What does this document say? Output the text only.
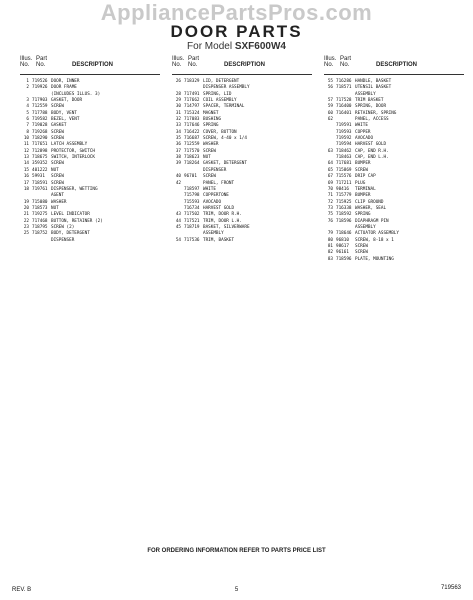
AppliancePartsPros.com
DOOR PARTS
For Model SXF600W4
Illus.
No. No.	DESCRIPTION
Part
1 719526 DOOR, INNER
2 719926 DOOR FRAME
(INCLUDES ILLUS. 3)
3 717903 GASKET, DOOR
4 712559 SCREW
5 717788 BODY, VENT
6 719582 BEZEL, VENT
7 719028 GASKET
8 719268 SCREW
10 718290 SCREW
11 717651 LATCH ASSEMBLY
12 712898 PROTECTOR, SWITCH
13 718675 SWITCH, INTERLOCK
14 359352 SCREW
15 401222 NUT
16 59931 SCREW
17 718591 SCREW
18 719761 DISPENSER, WETTING
AGENT
19 715080 WASHER
20 718573 NUT
21 719275 LEVEL INDICATOR
22 717468 BUTTON, RETAINER (2)
23 718795 SCREW (2)
25 718752 BODY, DETERGENT
DISPENSER
Illus.
No. No.	DESCRIPTION
Part
26 718329 LID, DETERGENT
DISPENSER ASSEMBLY
28 717491 SPRING, LID
29 717662 COIL ASSEMBLY
30 714797 SPACER, TERMINAL
31 715324 MAGNET
32 717083 BUSHING
33 717646 SPRING
34 716422 COVER, BUTTON
35 716687 SCREW, 4-40 x 1/4
36 712559 WASHER
37 717570 SCREW
38 718623 NUT
39 718264 GASKET, DETERGENT
DISPENSER
40 96701 SCREW
42	PANEL, FRONT
718597 WHITE
715798 COPPERTONE
715593 AVOCADO
716734 HARVEST GOLD
43 717502 TRIM, DOOR R.H.
44 717521 TRIM, DOOR L.H.
45 718719 BASKET, SILVERWARE
ASSEMBLY
54 717536 TRIM, BASKET
Illus.
No. No.	DESCRIPTION
Part
55 716286 HANDLE, BASKET
56 718571 UTENSIL BASKET
ASSEMBLY
57 717528 TRIM BASKET
59 716400 SPRING, DOOR
60 716401 RETAINER, SPRING
62	PANEL, ACCESS
719591 WHITE
719593 COPPER
719592 AVOCADO
719594 HARVEST GOLD
63 718462 CAP, END R.H.
718463 CAP, END L.H.
64 717681 BUMPER
65 715869 SCREW
67 715576 DRIP CAP
69 717211 PLUG
70 98416 TERMINAL
71 715779 BUMPER
72 715925 CLIP GROUND
73 716338 WASHER, SEAL
75 718592 SPRING
76 718596 DIAPHRAGM PIN
ASSEMBLY
79 718646 ACTUATOR ASSEMBLY
80 96810 SCREW, 8-18 x 1
81 98617 SCREW
82 96161 SCREW
83 718596 PLATE, MOUNTING
FOR ORDERING INFORMATION REFER TO PARTS PRICE LIST
REV. B	5	719563
